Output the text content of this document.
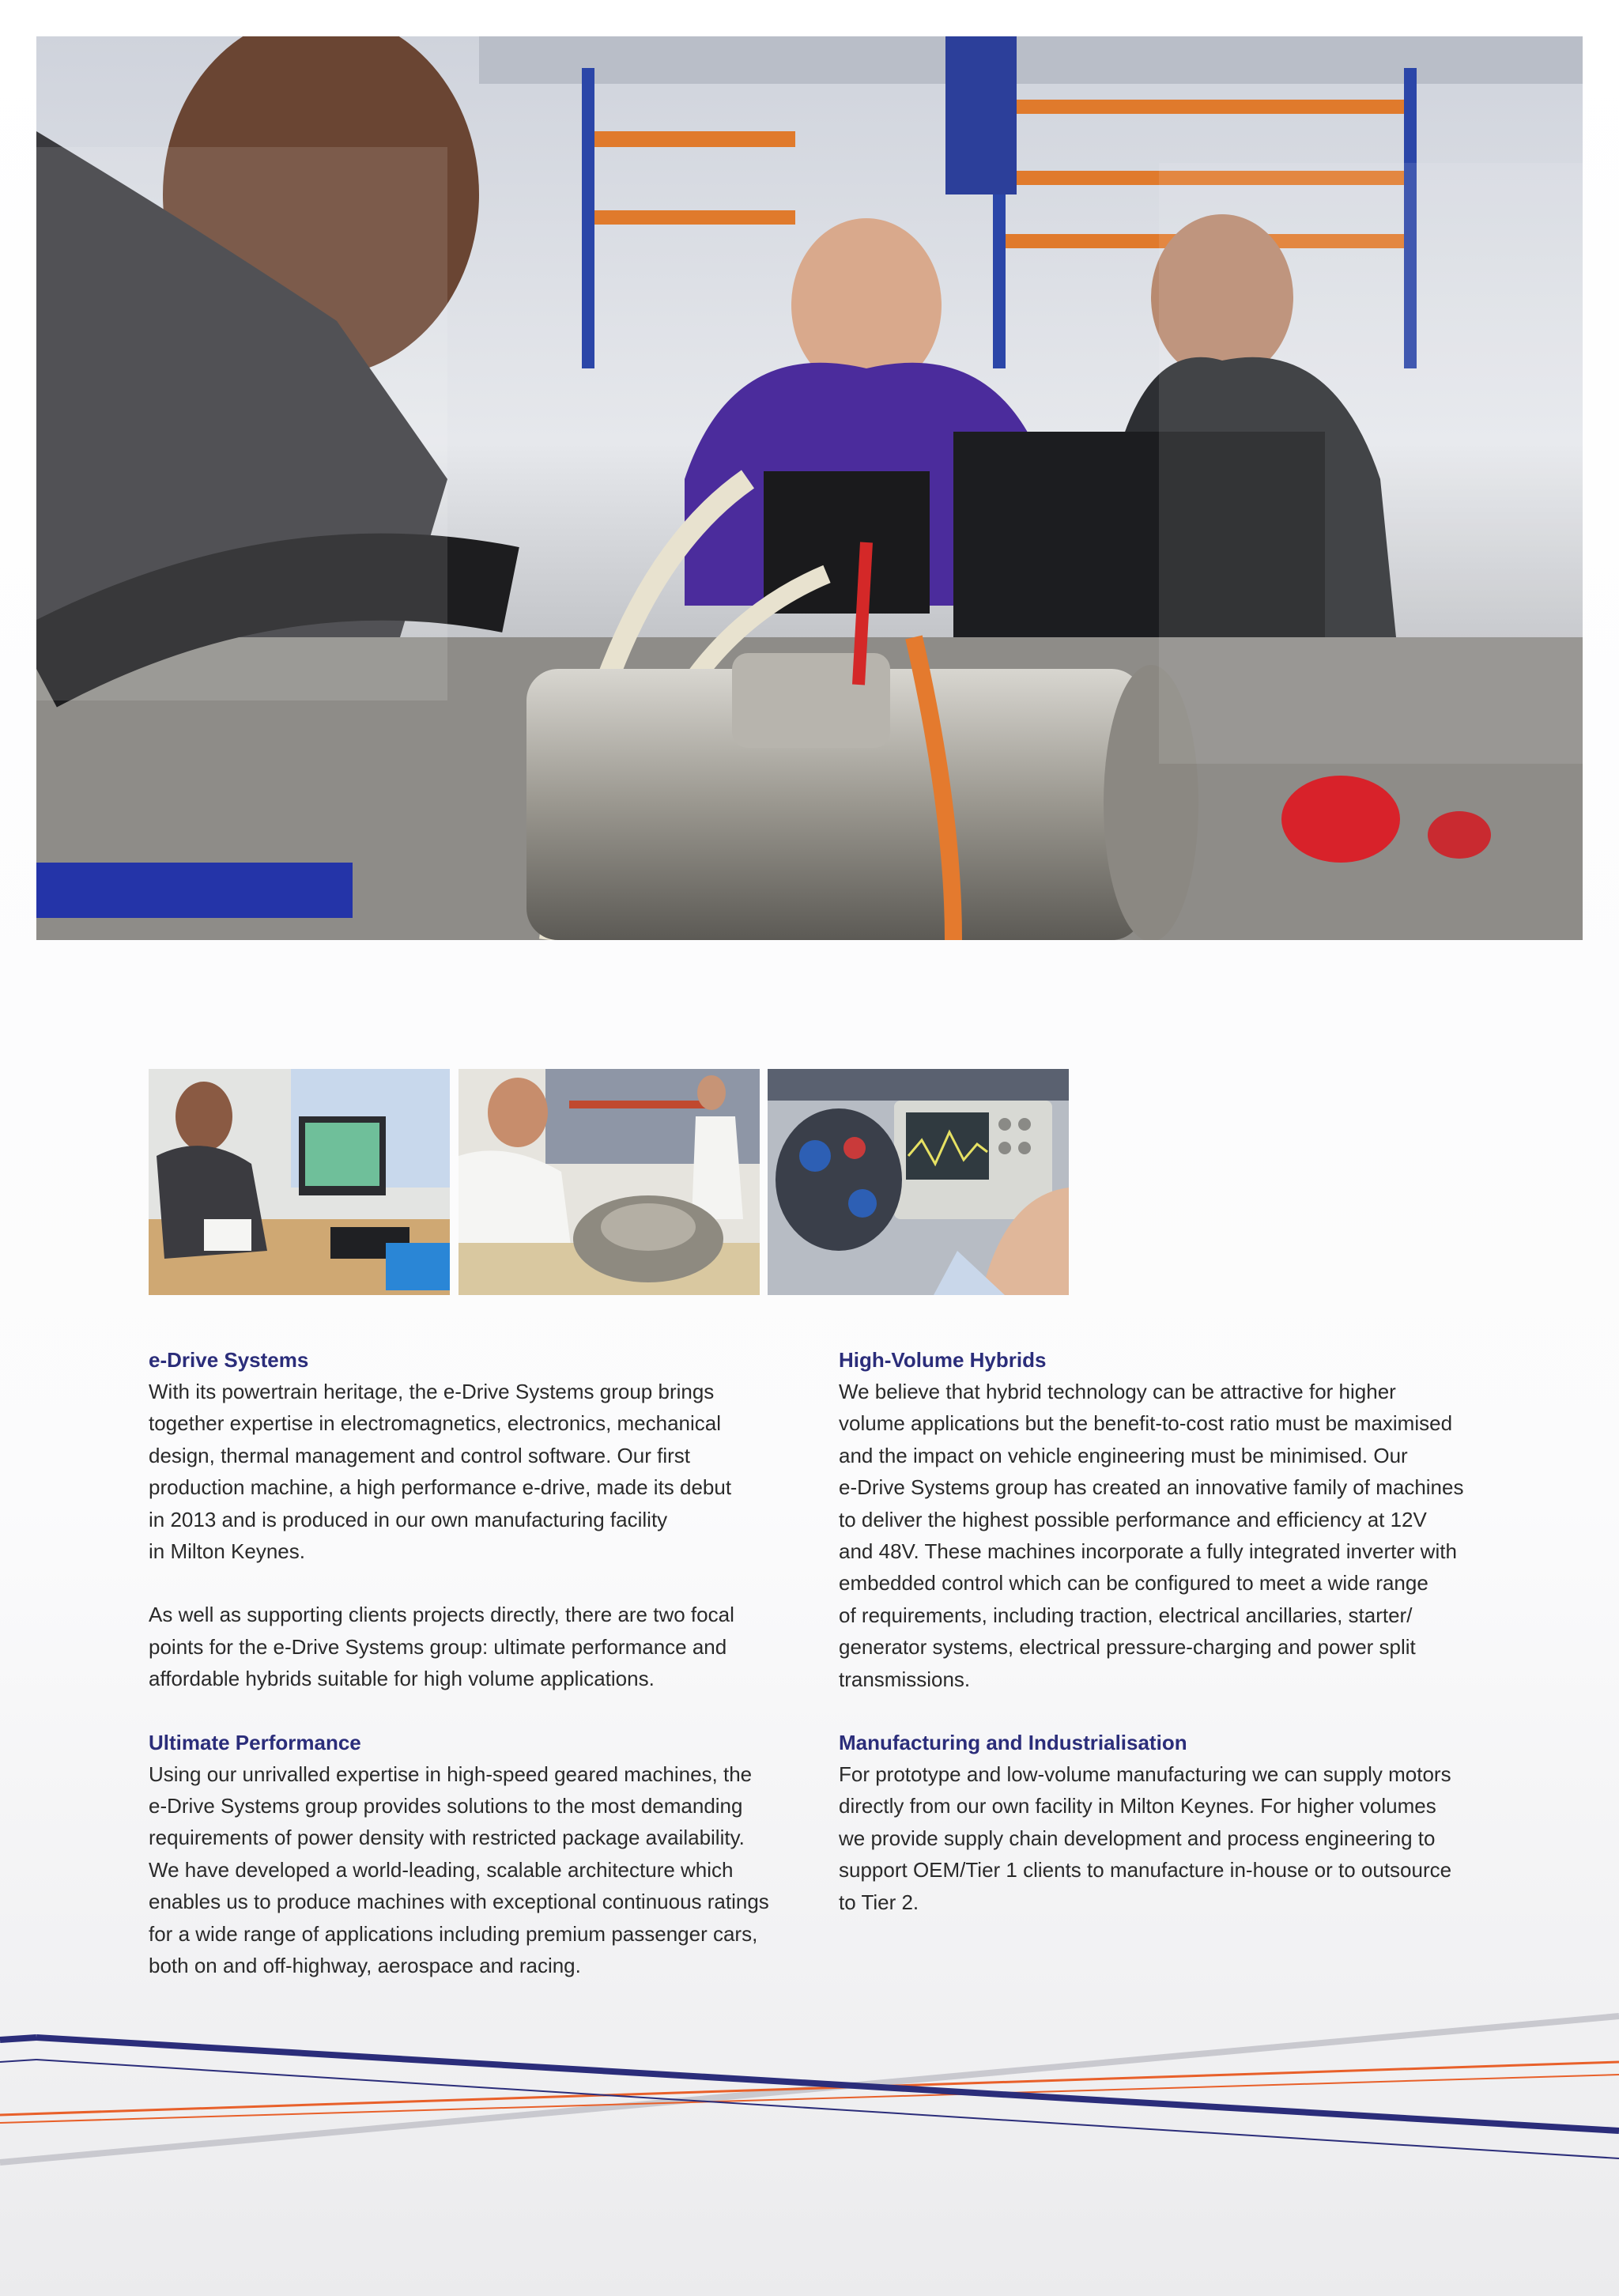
e-Drive Systems

With its powertrain heritage, the e-Drive Systems group brings
together expertise in electromagnetics, electronics, mechanical
design, thermal management and control software. Our first
production machine, a high performance e-drive, made its debut
in 2013 and is produced in our own manufacturing facility
in Milton Keynes.

As well as supporting clients projects directly, there are two focal
points for the e-Drive Systems group: ultimate performance and
affordable hybrids suitable for high volume applications.

Ultimate Performance

Using our unrivalled expertise in high-speed geared machines, the
e-Drive Systems group provides solutions to the most demanding
requirements of power density with restricted package availability.
We have developed a world-leading, scalable architecture which
enables us to produce machines with exceptional continuous ratings
for a wide range of applications including premium passenger cars,
both on and off-highway, aerospace and racing.

High-Volume Hybrids

We believe that hybrid technology can be attractive for higher
volume applications but the benefit-to-cost ratio must be maximised
and the impact on vehicle engineering must be minimised. Our
e-Drive Systems group has created an innovative family of machines
to deliver the highest possible performance and efficiency at 12V
and 48V. These machines incorporate a fully integrated inverter with
embedded control which can be configured to meet a wide range
of requirements, including traction, electrical ancillaries, starter/
generator systems, electrical pressure-charging and power split
transmissions.

Manufacturing and Industrialisation

For prototype and low-volume manufacturing we can supply motors
directly from our own facility in Milton Keynes. For higher volumes
we provide supply chain development and process engineering to
support OEM/Tier 1 clients to manufacture in-house or to outsource
to Tier 2.
